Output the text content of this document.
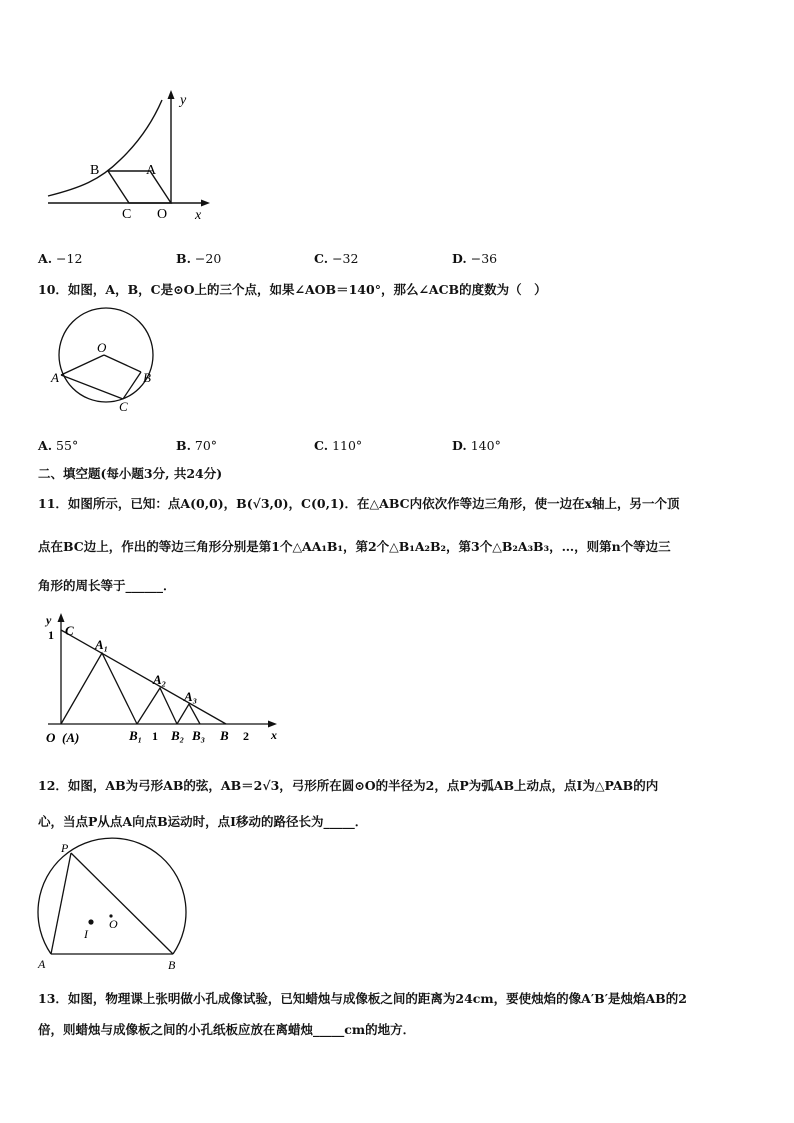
B	A
C O
y
x
A. −12	B. −20	C. −32	D. −36
10．如图，A，B，C是⊙O上的三个点，如果∠AOB＝140°，那么∠ACB的度数为（　）
O
A	B
C
A. 55°	B. 70°	C. 110°	D. 140°
二、填空题(每小题3分, 共24分)
11．如图所示，已知：点A(0,0)，B(√3,0)，C(0,1)．在△ABC内依次作等边三角形，使一边在x轴上，另一个顶
点在BC边上，作出的等边三角形分别是第1个△AA₁B₁，第2个△B₁A₂B₂，第3个△B₂A₃B₃，…，则第n个等边三
角形的周长等于______．
y
1 C
A₁
A₂
A₃
O (A)	B₁ 1 B₂ B₃ B 2 x
12．如图，AB为弓形AB的弦，AB＝2√3，弓形所在圆⊙O的半径为2，点P为弧AB上动点，点I为△PAB的内
心，当点P从点A向点B运动时，点I移动的路径长为_____．
P
I
O
A	B
13．如图，物理课上张明做小孔成像试验，已知蜡烛与成像板之间的距离为24cm，要使烛焰的像A′B′是烛焰AB的2
倍，则蜡烛与成像板之间的小孔纸板应放在离蜡烛_____cm的地方．
